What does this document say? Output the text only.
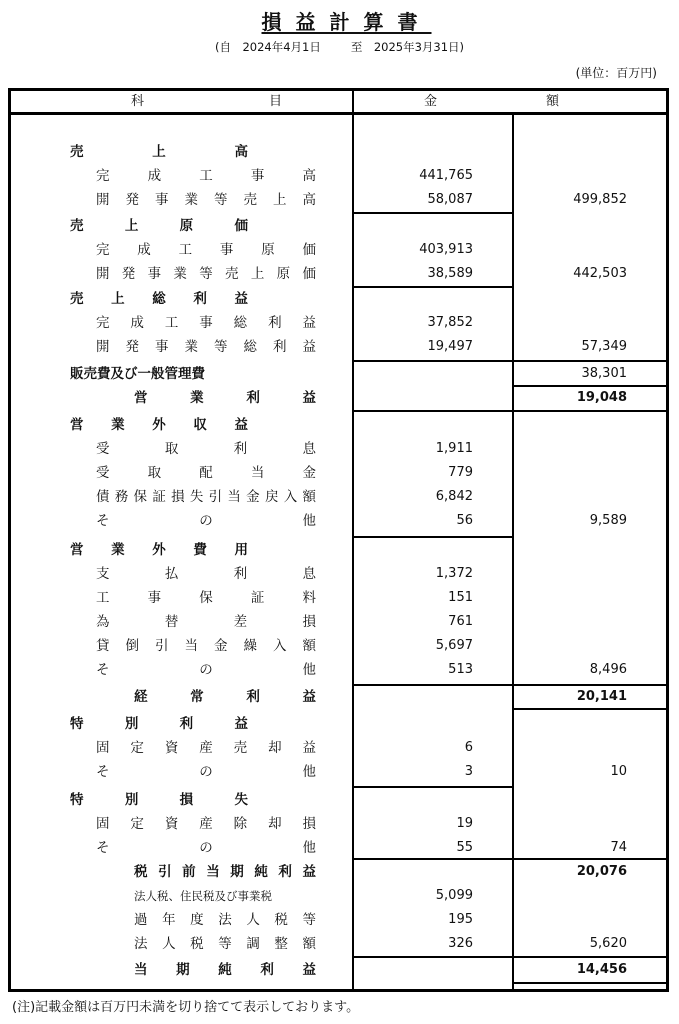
損益計算書
(自　2024年4月1日	至　2025年3月31日)
(単位：百万円)
科	目	金	額
売上高
完成工事高	441,765
開発事業等売上高	58,087	499,852
売上原価
完成工事原価	403,913
開発事業等売上原価	38,589	442,503
売上総利益
完成工事総利益	37,852
開発事業等総利益	19,497	57,349
販売費及び一般管理費	38,301
営業利益	19,048
営業外収益
受取利息	1,911
受取配当金	779
債務保証損失引当金戻入額	6,842
その他	56	9,589
営業外費用
支払利息	1,372
工事保証料	151
為替差損	761
貸倒引当金繰入額	5,697
その他	513	8,496
経常利益	20,141
特別利益
固定資産売却益	6
その他	3	10
特別損失
固定資産除却損	19
その他	55	74
税引前当期純利益	20,076
法人税、住民税及び事業税	5,099
過年度法人税等	195
法人税等調整額	326	5,620
当期純利益	14,456
(注)記載金額は百万円未満を切り捨てて表示しております。
